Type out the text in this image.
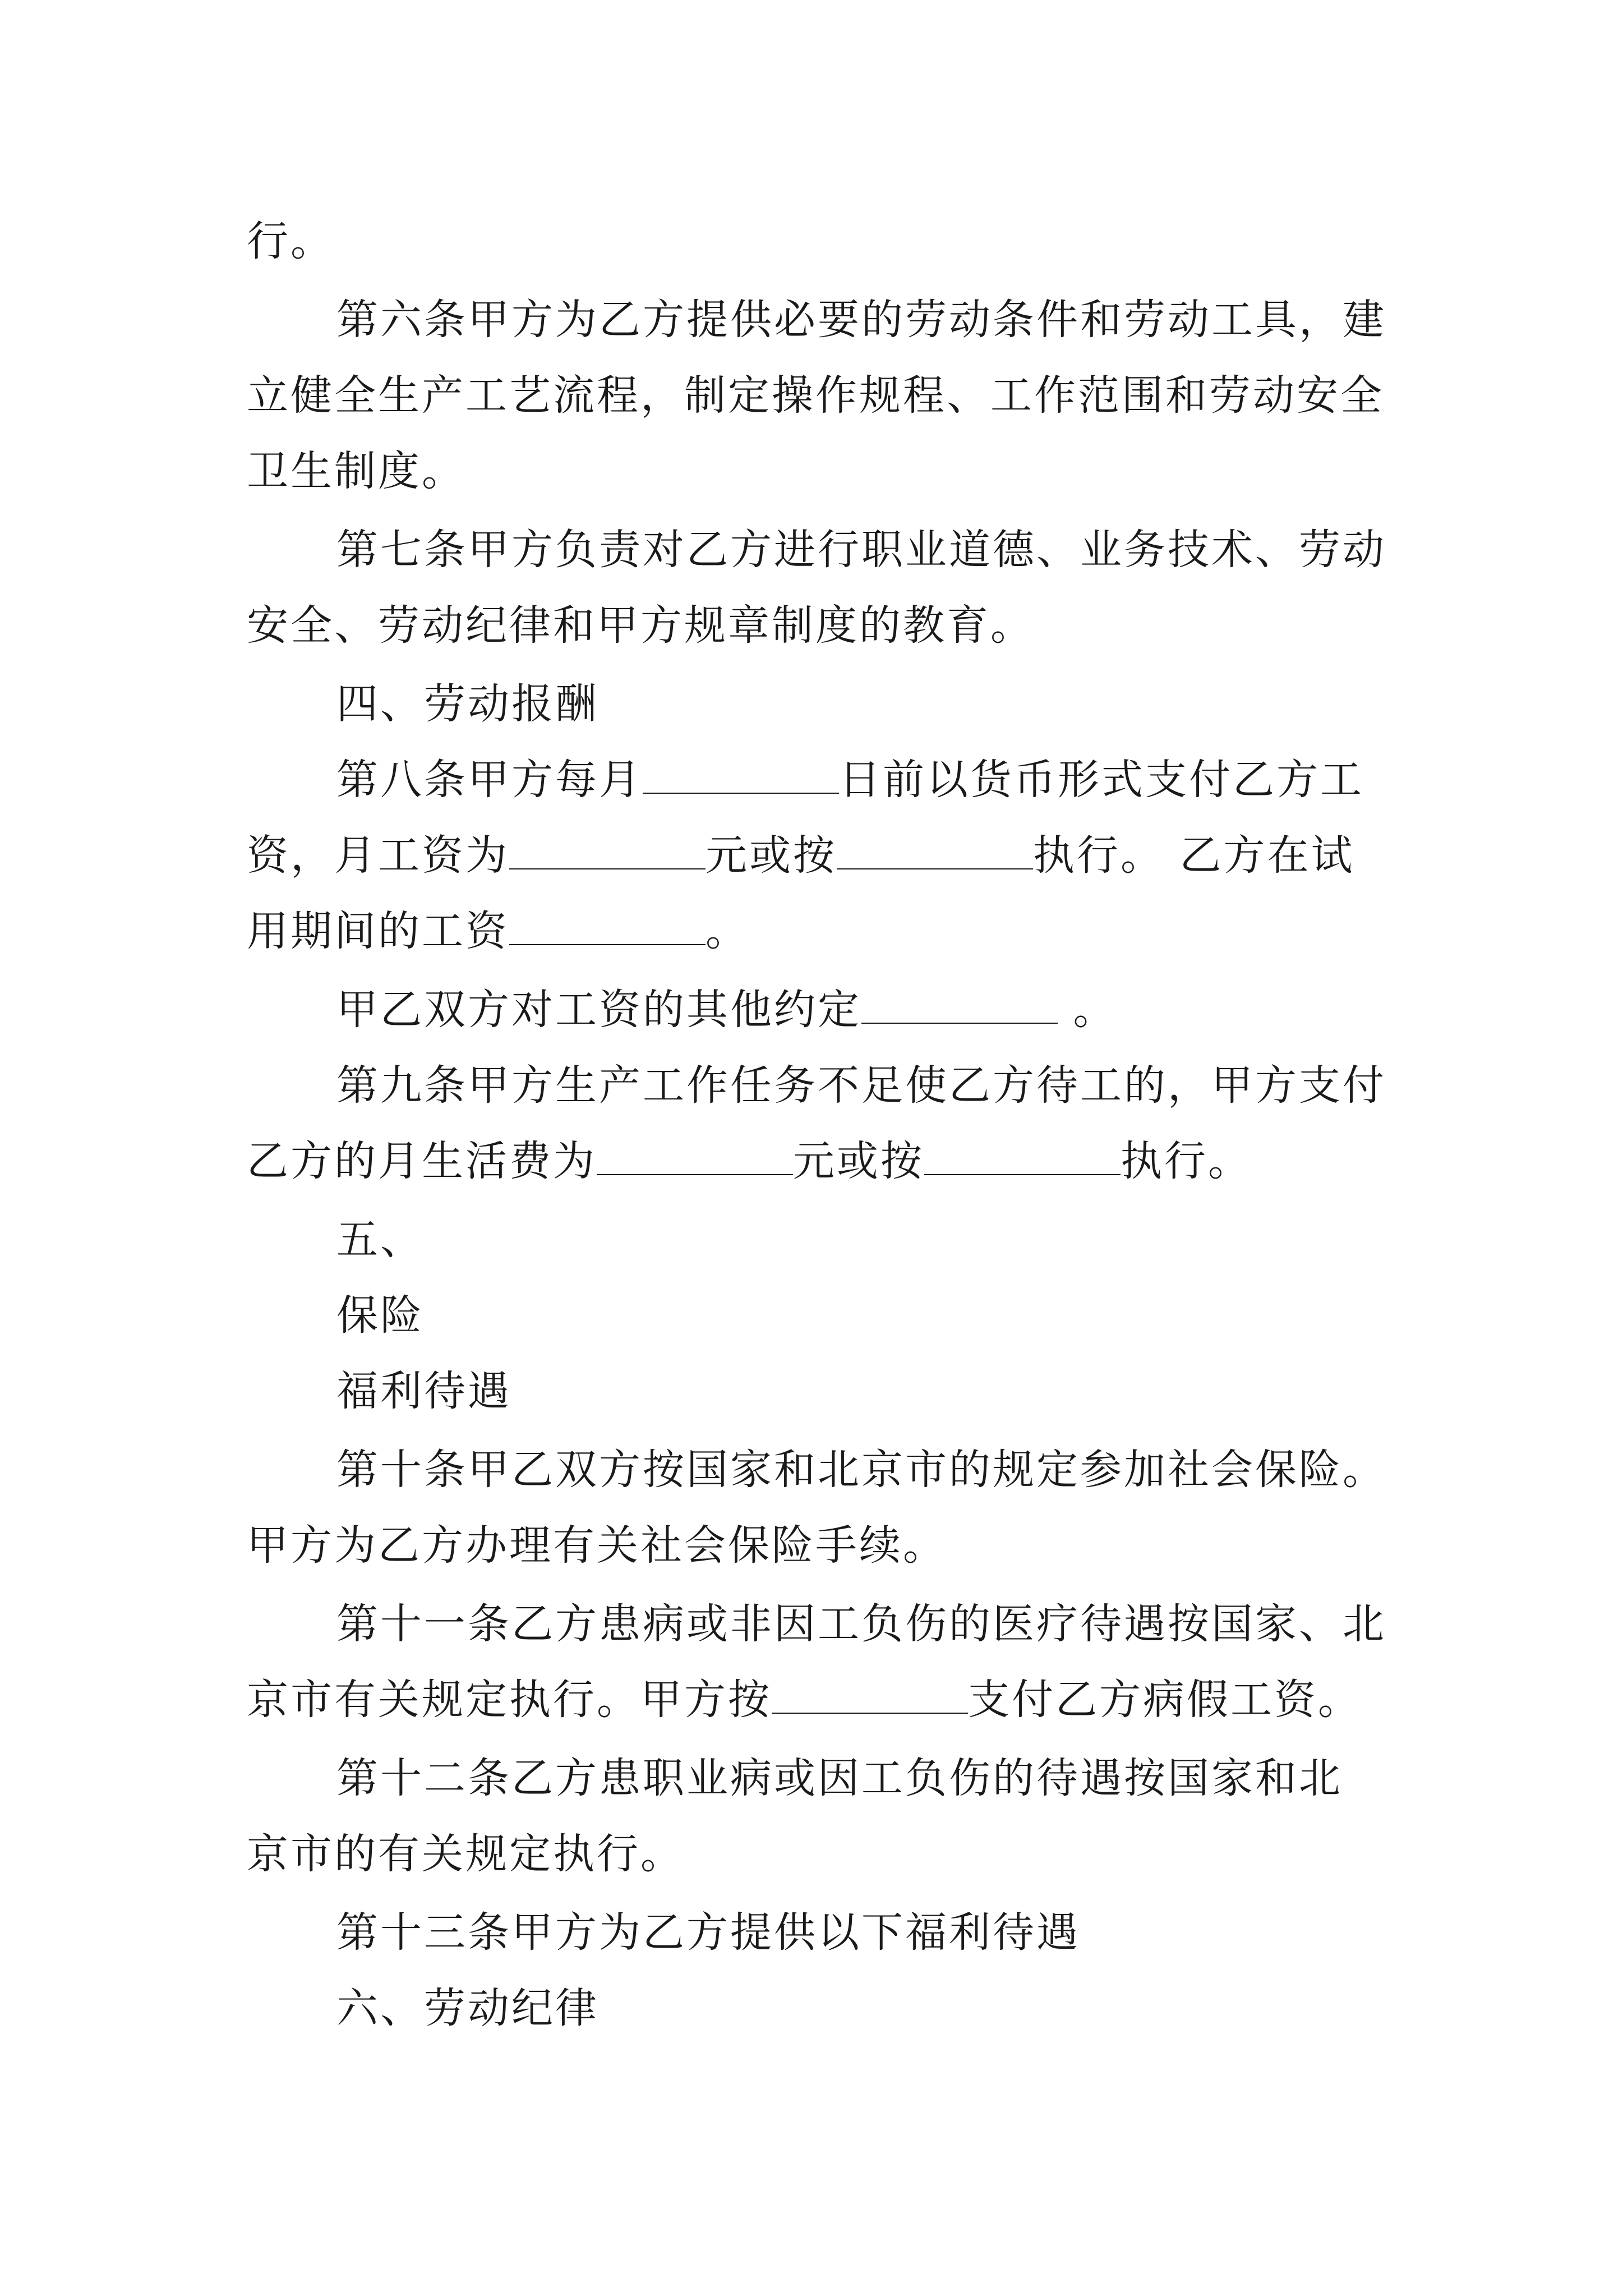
行。
第六条甲方为乙方提供必要的劳动条件和劳动工具，建
立健全生产工艺流程，制定操作规程、工作范围和劳动安全
卫生制度。
第七条甲方负责对乙方进行职业道德、业务技术、劳动
安全、劳动纪律和甲方规章制度的教育。
四、劳动报酬
第八条甲方每月	日前以货币形式支付乙方工
资，月工资为	元或按	执行。 乙方在试
用期间的工资	。
甲乙双方对工资的其他约定	。
第九条甲方生产工作任务不足使乙方待工的，甲方支付
乙方的月生活费为	元或按	执行。
五、
保险
福利待遇
第十条甲乙双方按国家和北京市的规定参加社会保险。
甲方为乙方办理有关社会保险手续。
第十一条乙方患病或非因工负伤的医疗待遇按国家、北
京市有关规定执行。甲方按	支付乙方病假工资。
第十二条乙方患职业病或因工负伤的待遇按国家和北
京市的有关规定执行。
第十三条甲方为乙方提供以下福利待遇
六、劳动纪律
